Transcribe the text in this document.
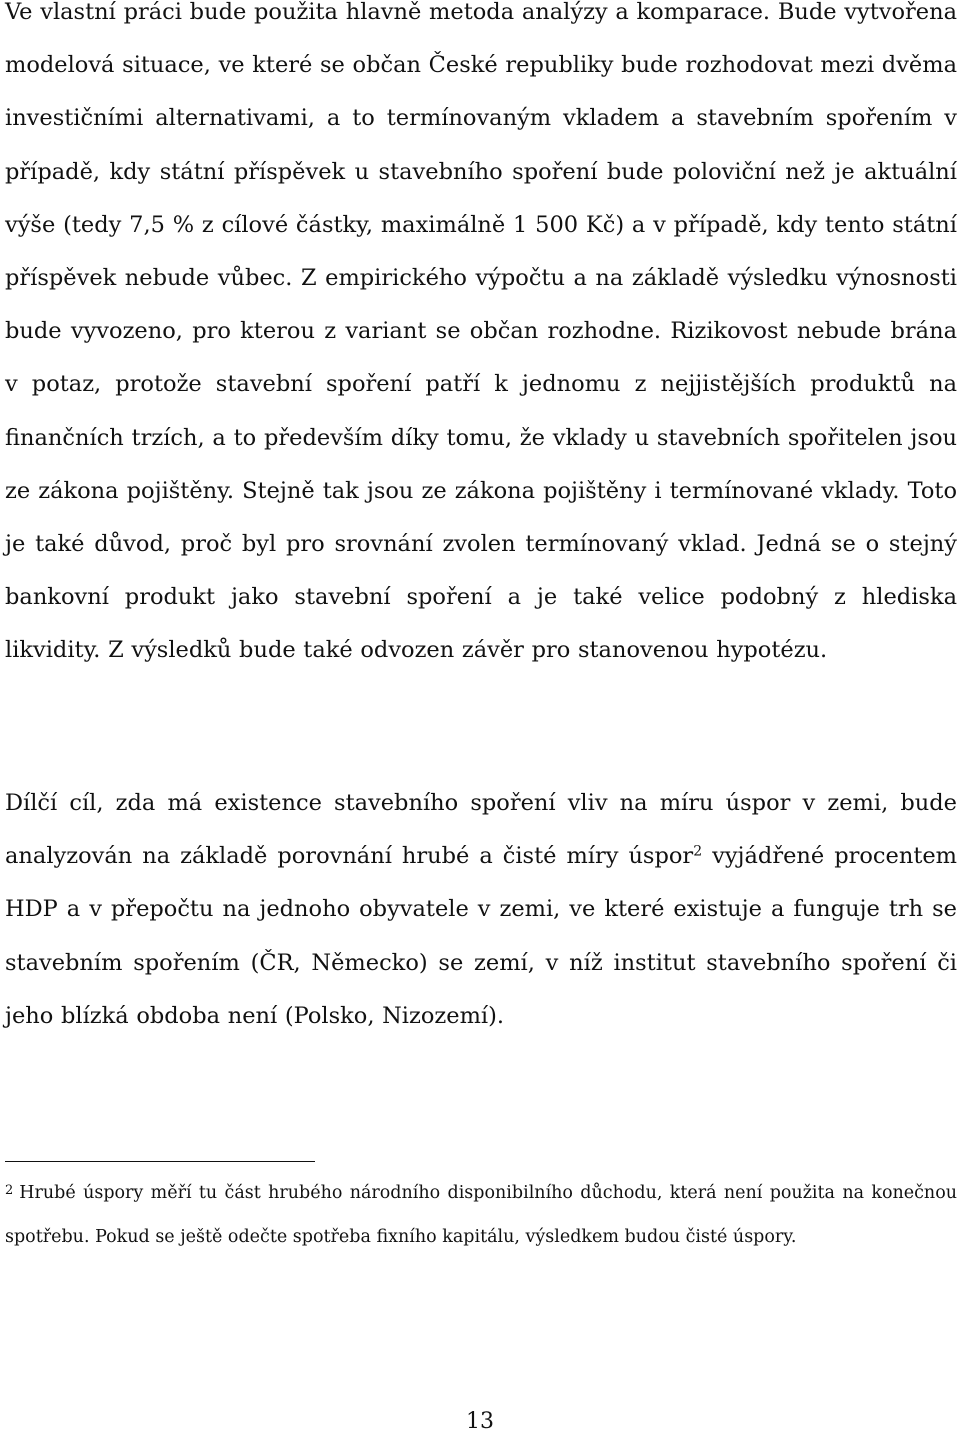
Ve vlastní práci bude použita hlavně metoda analýzy a komparace. Bude vytvořena modelová situace, ve které se občan České republiky bude rozhodovat mezi dvěma investičními alternativami, a to termínovaným vkladem a stavebním spořením v případě, kdy státní příspěvek u stavebního spoření bude poloviční než je aktuální výše (tedy 7,5 % z cílové částky, maximálně 1 500 Kč) a v případě, kdy tento státní příspěvek nebude vůbec. Z empirického výpočtu a na základě výsledku výnosnosti bude vyvozeno, pro kterou z variant se občan rozhodne. Rizikovost nebude brána v potaz, protože stavební spoření patří k jednomu z nejjistějších produktů na finančních trzích, a to především díky tomu, že vklady u stavebních spořitelen jsou ze zákona pojištěny. Stejně tak jsou ze zákona pojištěny i termínované vklady. Toto je také důvod, proč byl pro srovnání zvolen termínovaný vklad. Jedná se o stejný bankovní produkt jako stavební spoření a je také velice podobný z hlediska likvidity. Z výsledků bude také odvozen závěr pro stanovenou hypotézu.

Dílčí cíl, zda má existence stavebního spoření vliv na míru úspor v zemi, bude analyzován na základě porovnání hrubé a čisté míry úspor$^2$ vyjádřené procentem HDP a v přepočtu na jednoho obyvatele v zemi, ve které existuje a funguje trh se stavebním spořením (ČR, Německo) se zemí, v níž institut stavebního spoření či jeho blízká obdoba není (Polsko, Nizozemí).

$^2$ Hrubé úspory měří tu část hrubého národního disponibilního důchodu, která není použita na konečnou spotřebu. Pokud se ještě odečte spotřeba fixního kapitálu, výsledkem budou čisté úspory.

13
